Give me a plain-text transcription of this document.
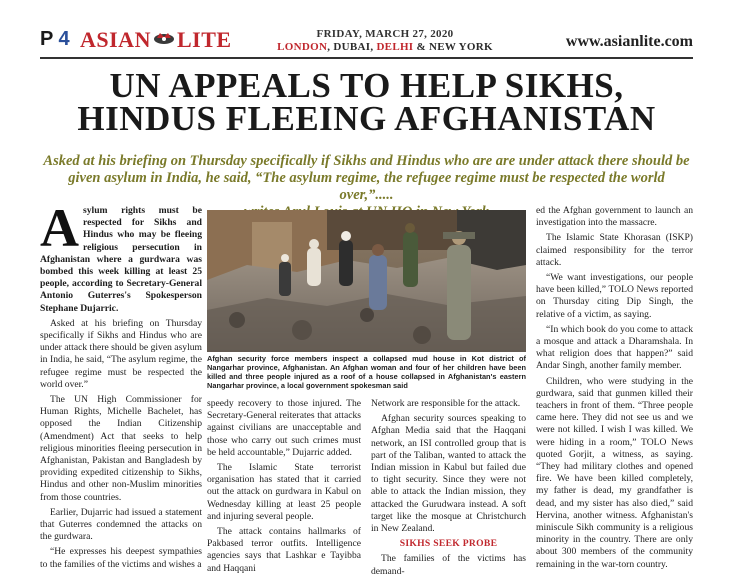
P 4 ASIAN LITE	FRIDAY, MARCH 27, 2020
LONDON, DUBAI, DELHI & NEW YORK	www.asianlite.com
UN APPEALS TO HELP SIKHS,
HINDUS FLEEING AFGHANISTAN
Asked at his briefing on Thursday specifically if Sikhs and Hindus who are are under attack there should be
given asylum in India, he said, “The asylum regime, the refugee regime must be respected the world over,”.....

Asylum rights must be respected for Sikhs and Hindus who may be fleeing religious persecution in Afghanistan where a gurdwara was bombed this week killing at least 25 people, according to Secretary-General Antonio Guterres's Spokesperson Stephane Dujarric.

Asked at his briefing on Thursday specifically if Sikhs and Hindus who are under attack there should be given asylum in India, he said, “The asylum regime, the refugee regime must be respected the world over.”

The UN High Commissioner for Human Rights, Michelle Bachelet, has opposed the Indian Citizenship (Amendment) Act that seeks to help religious minorities fleeing persecution in Afghanistan, Pakistan and Bangladesh by providing expedited citizenship to Sikhs, Hindus and other non-Muslim minorities from those countries.

Earlier, Dujarric had issued a statement that Guterres condemned the attacks on the gurdwara.

“He expresses his deepest sympathies to the families of the victims and wishes a

Afghan security force members inspect a collapsed mud house in Kot district of Nangarhar province, Afghanistan. An Afghan woman and four of her children have been killed and three people injured as a roof of a house collapsed in Afghanistan's eastern Nangarhar province, a local government spokesman said

speedy recovery to those injured. The Secretary-General reiterates that attacks against civilians are unacceptable and those who carry out such crimes must be held accountable,” Dujarric added.

The Islamic State terrorist organisation has stated that it carried out the attack on gurdwara in Kabul on Wednesday killing at least 25 people and injuring several people.

The attack contains hallmarks of Pakbased terror outfits. Intelligence agencies says that Lashkar e Tayibba and Haqqani

Network are responsible for the attack.

Afghan security sources speaking to Afghan Media said that the Haqqani network, an ISI controlled group that is part of the Taliban, wanted to attack the Indian mission in Kabul but failed due to tight security. Since they were not able to attack the Indian mission, they attacked the Gurudwara instead. A soft target like the mosque at Christchurch in New Zealand.

SIKHS SEEK PROBE

The families of the victims has demand-

ed the Afghan government to launch an investigation into the massacre.

The Islamic State Khorasan (ISKP) claimed responsibility for the terror attack.

“We want investigations, our people have been killed,” TOLO News reported on Thursday citing Dip Singh, the relative of a victim, as saying.

“In which book do you come to attack a mosque and attack a Dharamshala. In what religion does that happen?” said Andar Singh, another family member.

Children, who were studying in the gurdwara, said that gunmen killed their teachers in front of them. “Three people came here. They did not see us and we were not killed. I wish I was killed. We were hiding in a room,” TOLO News quoted Gorjit, a witness, as saying. “They had military clothes and opened fire. We have been killed completely, my father is dead, my grandfather is dead, and my sister has also died,” said Hervina, another witness. Afghanistan's miniscule Sikh community is a religious minority in the country. There are only about 300 members of the community remaining in the war-torn country.
